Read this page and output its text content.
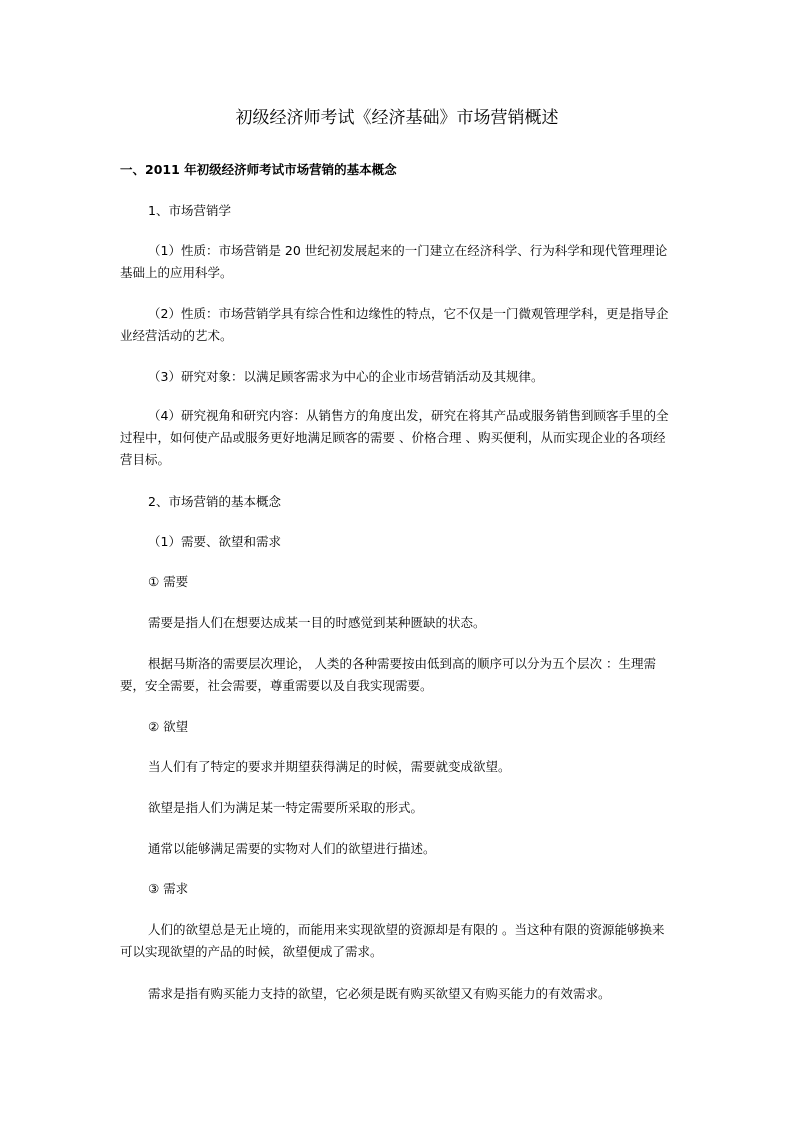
初级经济师考试《经济基础》市场营销概述

一、2011 年初级经济师考试市场营销的基本概念

1、市场营销学

（1）性质：市场营销是 20 世纪初发展起来的一门建立在经济科学、行为科学和现代管理理论基础上的应用科学。

（2）性质：市场营销学具有综合性和边缘性的特点，它不仅是一门微观管理学科，更是指导企业经营活动的艺术。

（3）研究对象：以满足顾客需求为中心的企业市场营销活动及其规律。

（4）研究视角和研究内容：从销售方的角度出发，研究在将其产品或服务销售到顾客手里的全过程中，如何使产品或服务更好地满足顾客的需要 、价格合理 、购买便利，从而实现企业的各项经营目标。

2、市场营销的基本概念

（1）需要、欲望和需求

① 需要

需要是指人们在想要达成某一目的时感觉到某种匮缺的状态。

根据马斯洛的需要层次理论， 人类的各种需要按由低到高的顺序可以分为五个层次 ：生理需要，安全需要，社会需要，尊重需要以及自我实现需要。

② 欲望

当人们有了特定的要求并期望获得满足的时候，需要就变成欲望。

欲望是指人们为满足某一特定需要所采取的形式。

通常以能够满足需要的实物对人们的欲望进行描述。

③ 需求

人们的欲望总是无止境的，而能用来实现欲望的资源却是有限的 。当这种有限的资源能够换来可以实现欲望的产品的时候，欲望便成了需求。

需求是指有购买能力支持的欲望，它必须是既有购买欲望又有购买能力的有效需求。
